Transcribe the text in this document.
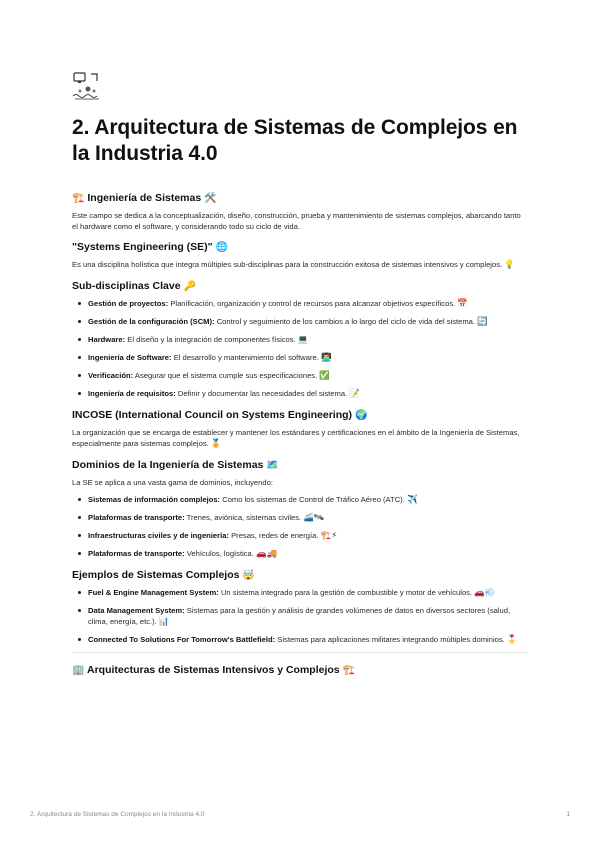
2. Arquitectura de Sistemas de Complejos en la Industria 4.0
🏗️ Ingeniería de Sistemas 🛠️

Este campo se dedica a la conceptualización, diseño, construcción, prueba y mantenimiento de sistemas complejos, abarcando tanto el hardware como el software, y considerando todo su ciclo de vida.

"Systems Engineering (SE)" 🌐

Es una disciplina holística que integra múltiples sub-disciplinas para la construcción exitosa de sistemas intensivos y complejos. 💡

Sub-disciplinas Clave 🔑
Gestión de proyectos: Planificación, organización y control de recursos para alcanzar objetivos específicos. 📅
Gestión de la configuración (SCM): Control y seguimiento de los cambios a lo largo del ciclo de vida del sistema. 🔄
Hardware: El diseño y la integración de componentes físicos. 💻
Ingeniería de Software: El desarrollo y mantenimiento del software. 👨‍💻
Verificación: Asegurar que el sistema cumple sus especificaciones. ✅
Ingeniería de requisitos: Definir y documentar las necesidades del sistema. 📝
INCOSE (International Council on Systems Engineering) 🌍

La organización que se encarga de establecer y mantener los estándares y certificaciones en el ámbito de la Ingeniería de Sistemas, especialmente para sistemas complejos. 🏅

Dominios de la Ingeniería de Sistemas 🗺️

La SE se aplica a una vasta gama de dominios, incluyendo:

Sistemas de información complejos: Como los sistemas de Control de Tráfico Aéreo (ATC). ✈️
Plataformas de transporte: Trenes, aviónica, sistemas civiles. 🚄🛰️
Infraestructuras civiles y de ingeniería: Presas, redes de energía. 🏗️⚡
Plataformas de transporte: Vehículos, logística. 🚗🚚
Ejemplos de Sistemas Complejos 🤯
Fuel & Engine Management System: Un sistema integrado para la gestión de combustible y motor de vehículos. 🚗💨
Data Management System: Sistemas para la gestión y análisis de grandes volúmenes de datos en diversos sectores (salud, clima, energía, etc.). 📊
Connected To Solutions For Tomorrow's Battlefield: Sistemas para aplicaciones militares integrando múltiples dominios. 🎖️
🏢 Arquitecturas de Sistemas Intensivos y Complejos 🏗️
2. Arquitectura de Sistemas de Complejos en la Industria 4.0	1
